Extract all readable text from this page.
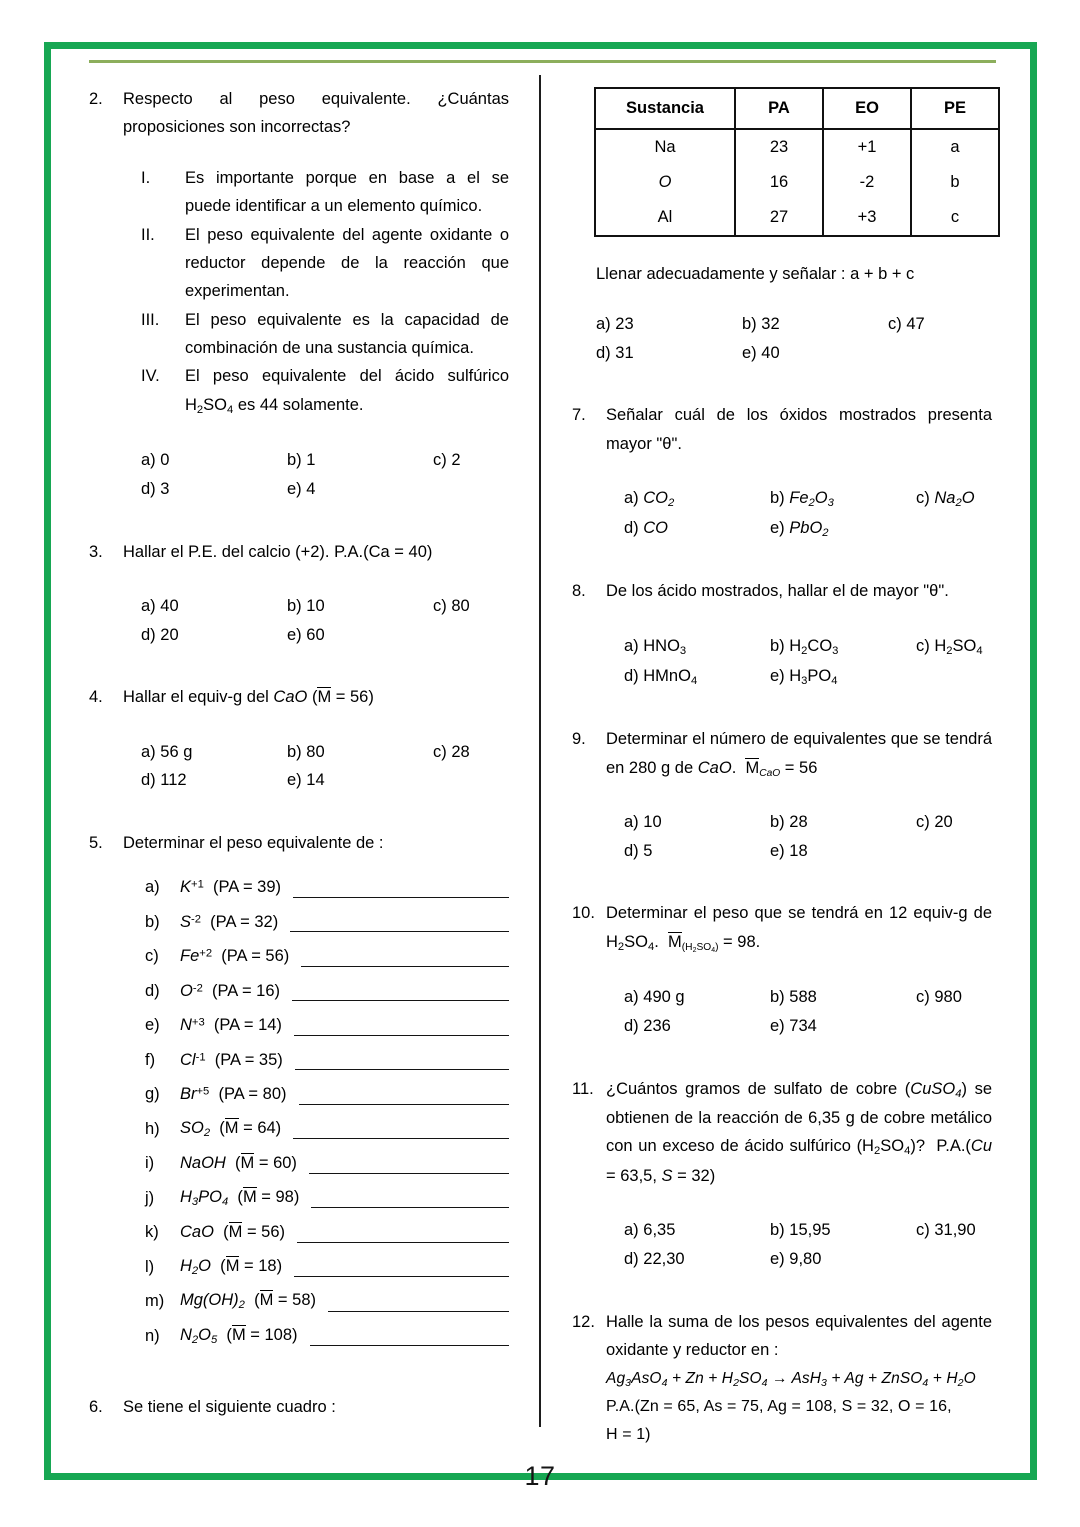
17
2.	Respecto al peso equivalente. ¿Cuántas proposiciones son incorrectas?
I.	Es importante porque en base a el se puede identificar a un elemento químico.
II.	El peso equivalente del agente oxidante o reductor depende de la reacción que experimentan.
III.	El peso equivalente es la capacidad de combinación de una sustancia química.
IV.	El peso equivalente del ácido sulfúrico $H_2SO_4$ es 44 solamente.
a) 0	b) 1	c) 2
d) 3	e) 4
3.	Hallar el P.E. del calcio (+2). P.A.(Ca = 40)
a) 40	b) 10	c) 80
d) 20	e) 60
4.	Hallar el equiv-g del CaO (M = 56)
a) 56 g	b) 80	c) 28
d) 112	e) 14
5.	Determinar el peso equivalente de :
a)	$K^{+1}$ (PA = 39)
b)	$S^{-2}$ (PA = 32)
c)	$Fe^{+2}$ (PA = 56)
d)	$O^{-2}$ (PA = 16)
e)	$N^{+3}$ (PA = 14)
f)	$Cl^{-1}$ (PA = 35)
g)	$Br^{+5}$ (PA = 80)
h)	$SO_2$  (M = 64)
i)	NaOH  (M = 60)
j)	$H_3PO_4$  (M = 98)
k)	CaO  (M = 56)
l)	$H_2O$  (M = 18)
m) $Mg(OH)_2$  (M = 58)
n)	$N_2O_5$  (M = 108)
6.	Se tiene el siguiente cuadro :
Sustancia	PA	EO	PE
Na	23	+1	a
O	16	-2	b
Al	27	+3	c
Llenar adecuadamente y señalar : a + b + c
a) 23	b) 32	c) 47
d) 31	e) 40
7.	Señalar cuál de los óxidos mostrados presenta mayor "θ".
a) $CO_2$	b) $Fe_2O_3$	c) $Na_2O$
d) CO	e) PbO$_2$
8.	De los ácido mostrados, hallar el de mayor "θ".
a) $HNO_3$	b) $H_2CO_3$	c) $H_2SO_4$
d) HMnO$_4$	e) $H_3PO_4$
9.	Determinar el número de equivalentes que se tendrá en 280 g de CaO.  $M_{CaO} = 56$
a) 10	b) 28	c) 20
d) 5	e) 18
10. Determinar el peso que se tendrá en 12 equiv-g de $H_2SO_4$.  $M_{(H_2SO_4)} = 98$.
a) 490 g	b) 588	c) 980
d) 236	e) 734
11. ¿Cuántos gramos de sulfato de cobre (CuSO$_4$) se obtienen de la reacción de 6,35 g de cobre metálico con un exceso de ácido sulfúrico $(H_2SO_4)$?  P.A.(Cu = 63,5, S = 32)
a) 6,35	b) 15,95	c) 31,90
d) 22,30	e) 9,80
12. Halle la suma de los pesos equivalentes del agente oxidante y reductor en :
$Ag_3AsO_4 + Zn + H_2SO_4 \to AsH_3 + Ag$ + ZnSO$_4$ + $H_2O$
P.A.(Zn = 65, As = 75, Ag = 108, S = 32, O = 16,
H = 1)
